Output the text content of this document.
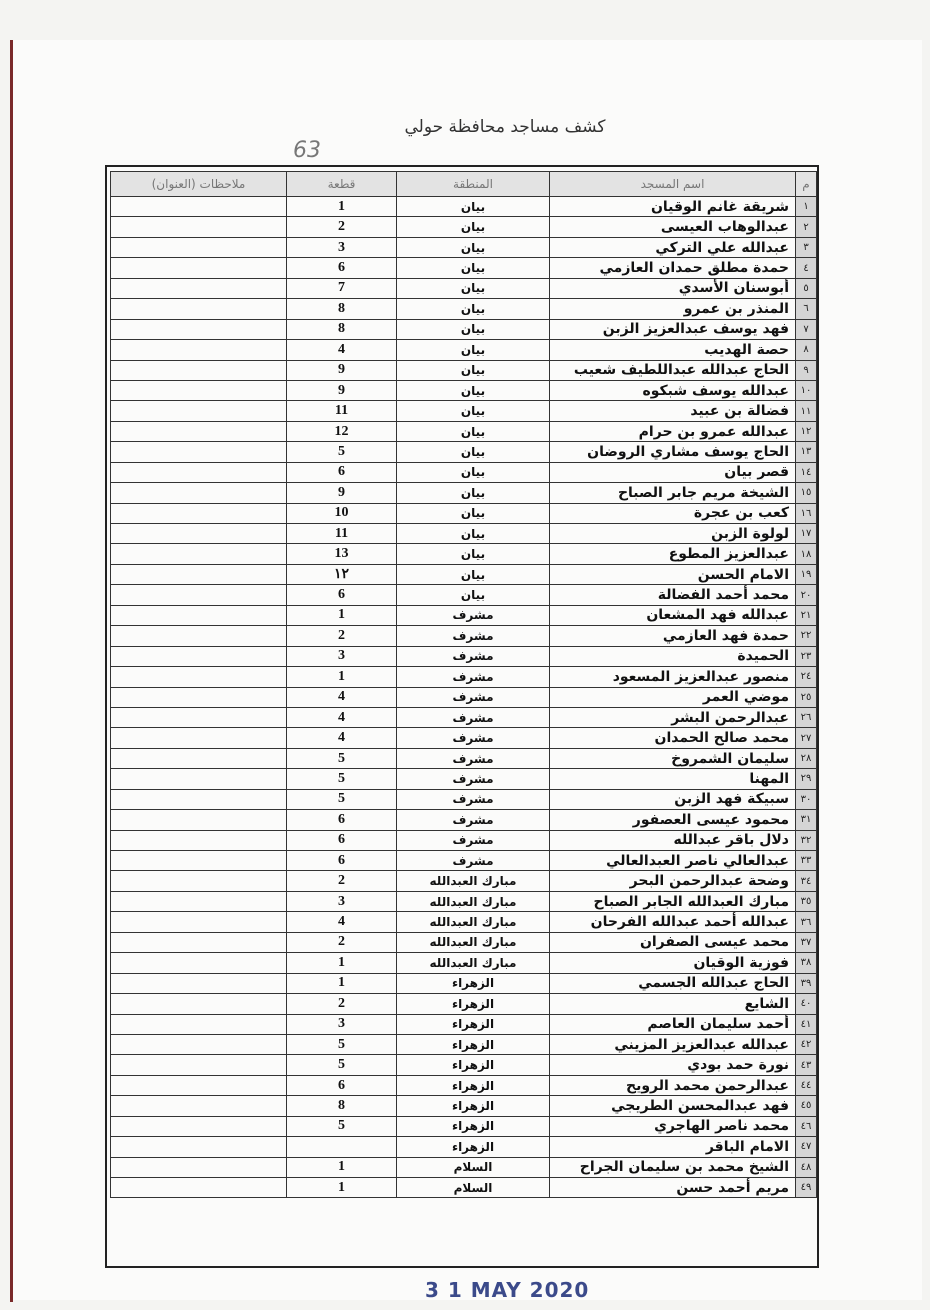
كشف مساجد محافظة حولي
63
ملاحظات (العنوان)	قطعة	المنطقة	اسم المسجد	م
	1	بيان	شريقة غانم الوقيان	١
	2	بيان	عبدالوهاب العيسى	٢
	3	بيان	عبدالله علي التركي	٣
	6	بيان	حمدة مطلق حمدان العازمي	٤
	7	بيان	أبوسنان الأسدي	٥
	8	بيان	المنذر بن عمرو	٦
	8	بيان	فهد يوسف عبدالعزيز الزبن	٧
	4	بيان	حصة الهديب	٨
	9	بيان	الحاج عبدالله عبداللطيف شعيب	٩
	9	بيان	عبدالله يوسف شبكوه	١٠
	11	بيان	فضالة بن عبيد	١١
	12	بيان	عبدالله عمرو بن حرام	١٢
	5	بيان	الحاج يوسف مشاري الروضان	١٣
	6	بيان	قصر بيان	١٤
	9	بيان	الشيخة مريم جابر الصباح	١٥
	10	بيان	كعب بن عجرة	١٦
	11	بيان	لولوة الزبن	١٧
	13	بيان	عبدالعزيز المطوع	١٨
	١٢	بيان	الامام الحسن	١٩
	6	بيان	محمد أحمد الفضالة	٢٠
	1	مشرف	عبدالله فهد المشعان	٢١
	2	مشرف	حمدة فهد العازمي	٢٢
	3	مشرف	الحميدة	٢٣
	1	مشرف	منصور عبدالعزيز المسعود	٢٤
	4	مشرف	موضي العمر	٢٥
	4	مشرف	عبدالرحمن البشر	٢٦
	4	مشرف	محمد صالح الحمدان	٢٧
	5	مشرف	سليمان الشمروخ	٢٨
	5	مشرف	المهنا	٢٩
	5	مشرف	سبيكة فهد الزبن	٣٠
	6	مشرف	محمود عيسى العصفور	٣١
	6	مشرف	دلال باقر عبدالله	٣٢
	6	مشرف	عبدالعالي ناصر العبدالعالي	٣٣
	2	مبارك العبدالله	وضحة عبدالرحمن البحر	٣٤
	3	مبارك العبدالله	مبارك العبدالله الجابر الصباح	٣٥
	4	مبارك العبدالله	عبدالله أحمد عبدالله الفرحان	٣٦
	2	مبارك العبدالله	محمد عيسى الصفران	٣٧
	1	مبارك العبدالله	فوزية الوقيان	٣٨
	1	الزهراء	الحاج عبدالله الجسمي	٣٩
	2	الزهراء	الشايع	٤٠
	3	الزهراء	أحمد سليمان العاصم	٤١
	5	الزهراء	عبدالله عبدالعزيز المزيني	٤٢
	5	الزهراء	نورة حمد بودي	٤٣
	6	الزهراء	عبدالرحمن محمد الرويح	٤٤
	8	الزهراء	فهد عبدالمحسن الطريجي	٤٥
	5	الزهراء	محمد ناصر الهاجري	٤٦
		الزهراء	الامام الباقر	٤٧
	1	السلام	الشيخ محمد بن سليمان الجراح	٤٨
	1	السلام	مريم أحمد حسن	٤٩
3 1 MAY 2020
